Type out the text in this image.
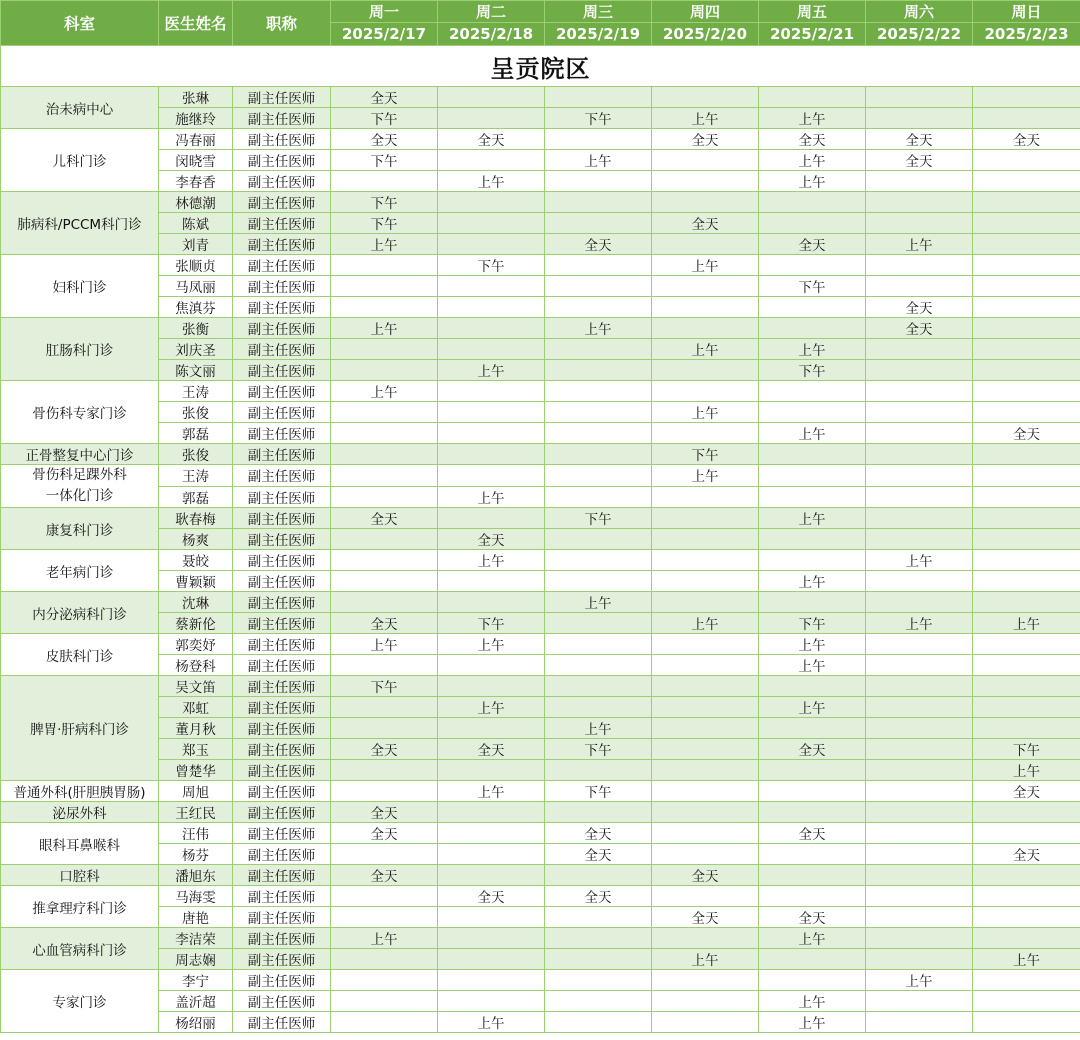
呈贡院区									
科室	医生姓名	职称	周一	周二	周三	周四	周五	周六	周日
			2025/2/17	2025/2/18	2025/2/19	2025/2/20	2025/2/21	2025/2/22	2025/2/23
治未病中心	张琳	副主任医师	全天						
	施继玲	副主任医师	下午		下午	上午	上午		
儿科门诊	冯春丽	副主任医师	全天	全天		全天	全天	全天	全天
	闵晓雪	副主任医师	下午		上午		上午	全天	
	李春香	副主任医师		上午			上午		
肺病科/PCCM科门诊	林德潮	副主任医师	下午						
	陈斌	副主任医师	下午			全天			
	刘青	副主任医师	上午		全天		全天	上午	
妇科门诊	张顺贞	副主任医师		下午		上午			
	马凤丽	副主任医师					下午		
	焦滇芬	副主任医师						全天	
肛肠科门诊	张衡	副主任医师	上午		上午			全天	
	刘庆圣	副主任医师				上午	上午		
	陈文丽	副主任医师		上午			下午		
骨伤科专家门诊	王涛	副主任医师	上午						
	张俊	副主任医师				上午			
	郭磊	副主任医师					上午		全天
正骨整复中心门诊	张俊	副主任医师				下午			

骨伤科足踝外科
一体化门诊	王涛	副主任医师				上午			
	郭磊	副主任医师		上午					
康复科门诊	耿春梅	副主任医师	全天		下午		上午		
	杨爽	副主任医师		全天					
老年病门诊	聂皎	副主任医师		上午				上午	
	曹颖颖	副主任医师					上午		
内分泌病科门诊	沈琳	副主任医师			上午				
	蔡新伦	副主任医师	全天	下午		上午	下午	上午	上午
皮肤科门诊	郭奕妤	副主任医师	上午	上午			上午		
	杨登科	副主任医师					上午		
脾胃·肝病科门诊	吴文笛	副主任医师	下午						
	邓虹	副主任医师		上午			上午		
	董月秋	副主任医师			上午				
	郑玉	副主任医师	全天	全天	下午		全天		下午
	曾楚华	副主任医师							上午
普通外科(肝胆胰胃肠)	周旭	副主任医师		上午	下午				全天
泌尿外科	王红民	副主任医师	全天						
眼科耳鼻喉科	汪伟	副主任医师	全天		全天		全天		
	杨芬	副主任医师			全天				全天
口腔科	潘旭东	副主任医师	全天			全天			
推拿理疗科门诊	马海雯	副主任医师		全天	全天				
	唐艳	副主任医师				全天	全天		
心血管病科门诊	李洁荣	副主任医师	上午				上午		
	周志娴	副主任医师				上午			上午
专家门诊	李宁	副主任医师						上午	
	盖沂超	副主任医师					上午		
	杨绍丽	副主任医师		上午			上午		
